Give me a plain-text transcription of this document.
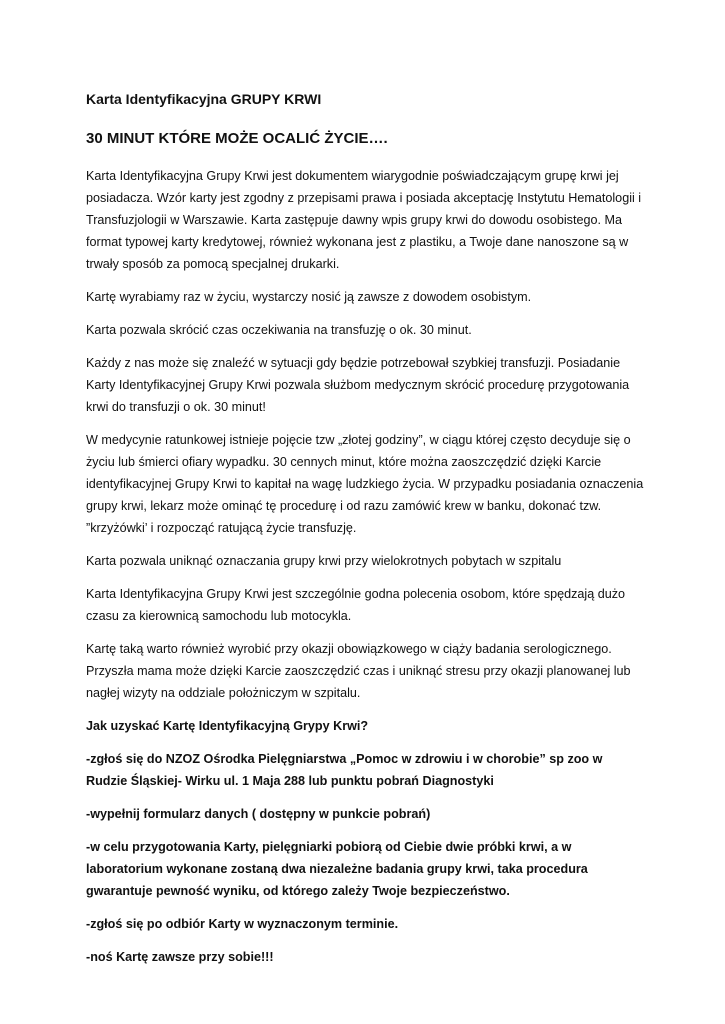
Karta Identyfikacyjna GRUPY KRWI
30 MINUT KTÓRE MOŻE OCALIĆ ŻYCIE….

Karta Identyfikacyjna Grupy Krwi jest dokumentem wiarygodnie poświadczającym grupę krwi jej posiadacza. Wzór karty jest zgodny z przepisami prawa i posiada akceptację Instytutu Hematologii i Transfuzjologii w Warszawie. Karta zastępuje dawny wpis grupy krwi do dowodu osobistego. Ma format typowej karty kredytowej, również wykonana jest z plastiku, a Twoje dane nanoszone są w trwały sposób za pomocą specjalnej drukarki.

Kartę wyrabiamy raz w życiu, wystarczy nosić ją zawsze z dowodem osobistym.

Karta pozwala skrócić czas oczekiwania na transfuzję o ok. 30 minut.

Każdy z nas może się znaleźć w sytuacji gdy będzie potrzebował szybkiej transfuzji. Posiadanie Karty Identyfikacyjnej Grupy Krwi pozwala służbom medycznym skrócić procedurę przygotowania krwi do transfuzji o ok. 30 minut!

W medycynie ratunkowej istnieje pojęcie tzw „złotej godziny”, w ciągu której często decyduje się o życiu lub śmierci ofiary wypadku. 30 cennych minut, które można zaoszczędzić dzięki Karcie identyfikacyjnej Grupy Krwi to kapitał na wagę ludzkiego życia. W przypadku posiadania oznaczenia grupy krwi, lekarz może ominąć tę procedurę i od razu zamówić krew w banku, dokonać tzw. ”krzyżówki’ i rozpocząć ratującą życie transfuzję.

Karta pozwala uniknąć oznaczania grupy krwi przy wielokrotnych pobytach w szpitalu

Karta Identyfikacyjna Grupy Krwi jest szczególnie godna polecenia osobom, które spędzają dużo czasu za kierownicą samochodu lub motocykla.

Kartę taką warto również wyrobić przy okazji obowiązkowego w ciąży badania serologicznego. Przyszła mama może dzięki Karcie zaoszczędzić czas i uniknąć stresu przy okazji planowanej lub nagłej wizyty na oddziale położniczym w szpitalu.

Jak uzyskać Kartę Identyfikacyjną Grypy Krwi?

-zgłoś się do NZOZ Ośrodka Pielęgniarstwa „Pomoc w zdrowiu i w chorobie” sp zoo w Rudzie Śląskiej- Wirku ul. 1 Maja 288 lub punktu pobrań Diagnostyki

-wypełnij formularz danych ( dostępny w punkcie pobrań)

-w celu przygotowania Karty, pielęgniarki pobiorą od Ciebie dwie próbki krwi, a w laboratorium wykonane zostaną dwa niezależne badania grupy krwi, taka procedura gwarantuje pewność wyniku, od którego zależy Twoje bezpieczeństwo.

-zgłoś się po odbiór Karty w wyznaczonym terminie.

-noś Kartę zawsze przy sobie!!!
